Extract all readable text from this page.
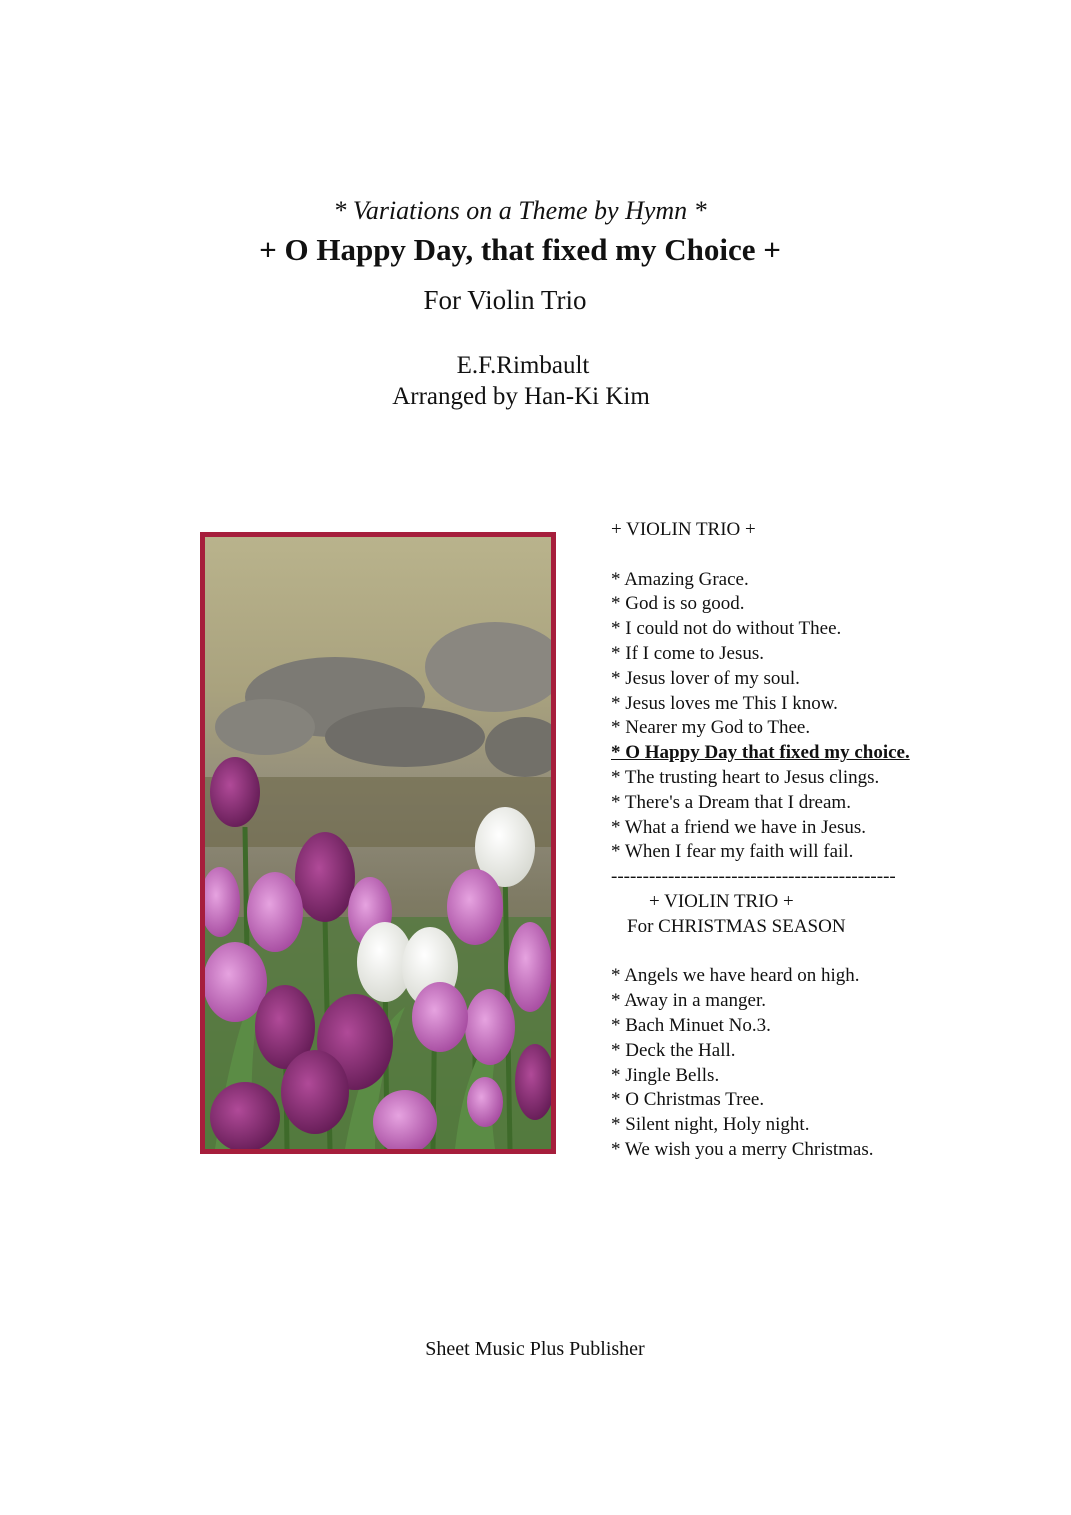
* Variations on a Theme by Hymn *
+ O Happy Day, that fixed my Choice +
For Violin Trio
E.F.Rimbault
Arranged by Han-Ki Kim
+ VIOLIN TRIO +
* Amazing Grace.
* God is so good.
* I could not do without Thee.
* If I come to Jesus.
* Jesus lover of my soul.
* Jesus loves me This I know.
* Nearer my God to Thee.
* O Happy Day that fixed my choice.
* The trusting heart to Jesus clings.
* There's a Dream that I dream.
* What a friend we have in Jesus.
* When I fear my faith will fail.
---------------------------------------------
+ VIOLIN TRIO +
For CHRISTMAS SEASON
* Angels we have heard on high.
* Away in a manger.
* Bach Minuet No.3.
* Deck the Hall.
* Jingle Bells.
* O Christmas Tree.
* Silent night, Holy night.
* We wish you a merry Christmas.
Sheet Music Plus Publisher
